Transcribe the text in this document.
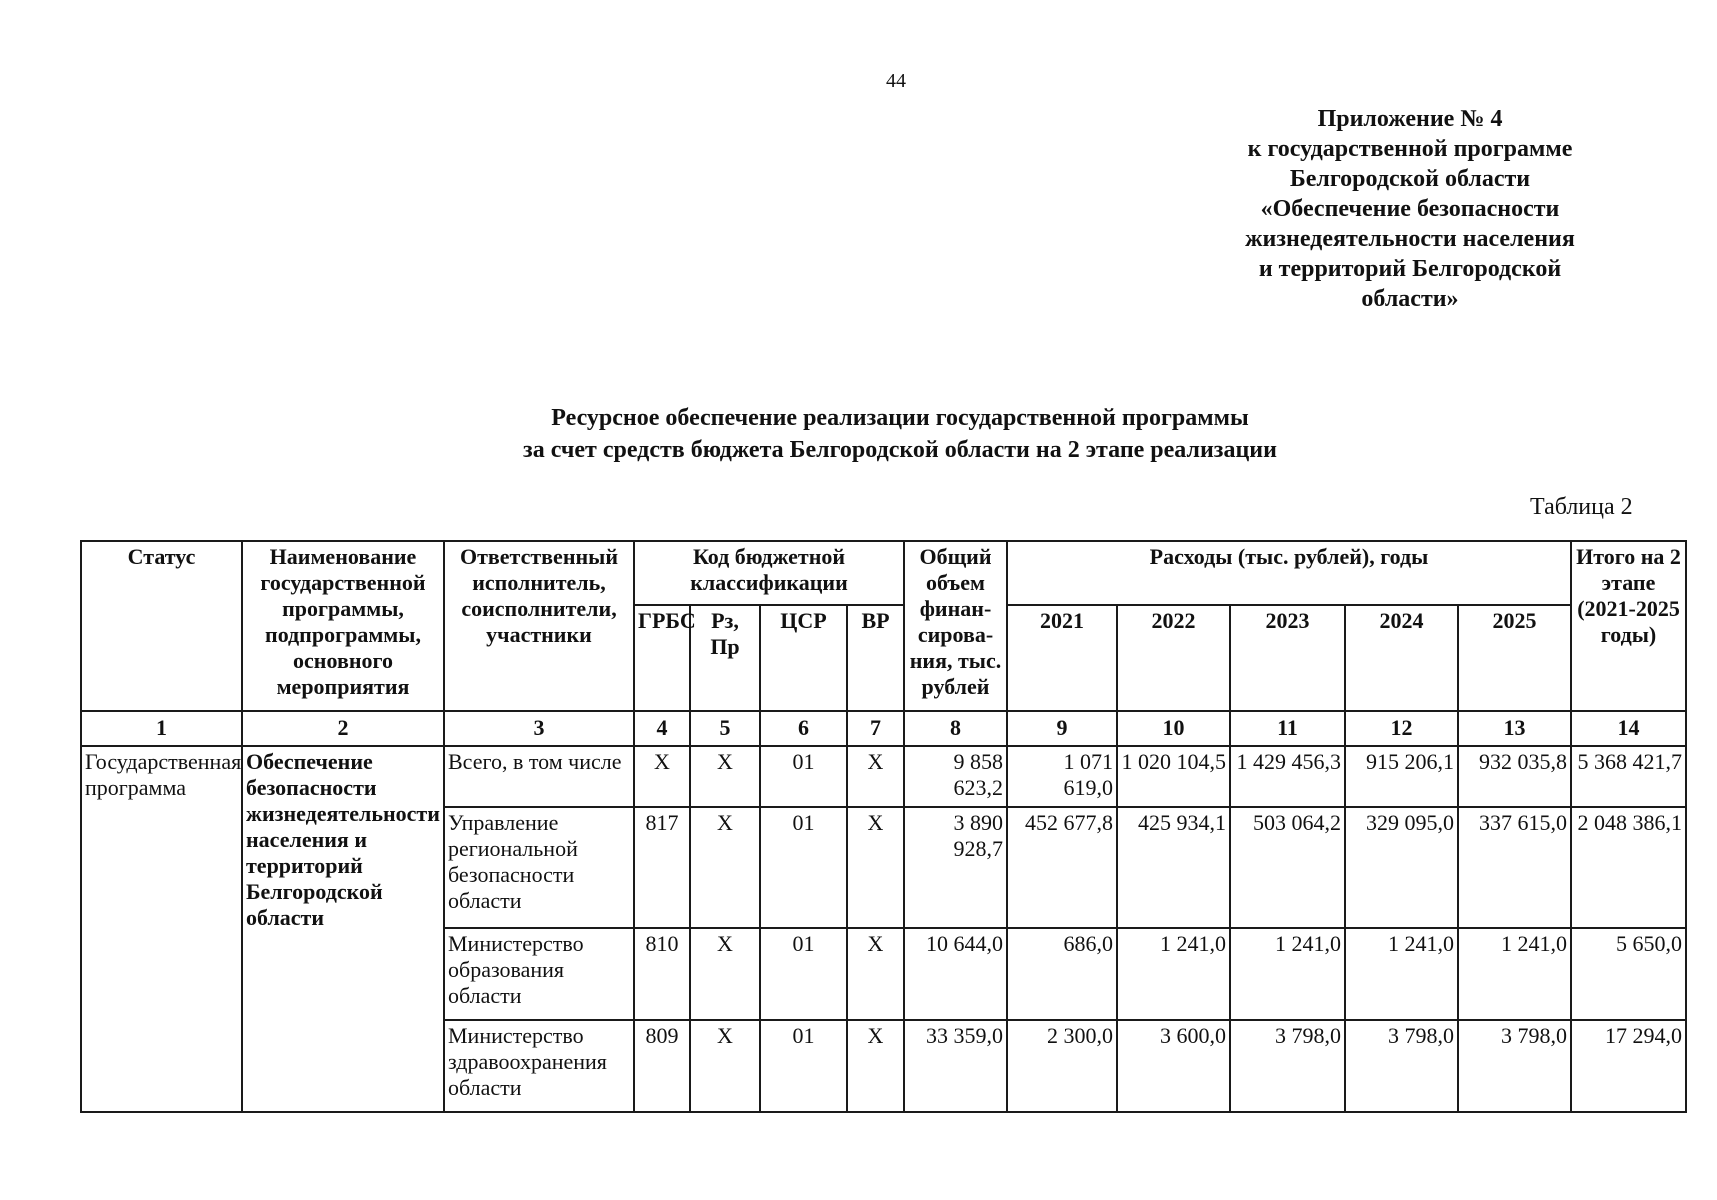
44
Приложение № 4
к государственной программе
Белгородской области
«Обеспечение безопасности
жизнедеятельности населения
и территорий Белгородской
области»
Ресурсное обеспечение реализации государственной программы
за счет средств бюджета Белгородской области на 2 этапе реализации
Таблица 2
Статус	Наименование государственной программы, подпрограммы, основного мероприятия	Ответственный исполнитель, соисполнители, участники	Код бюджетной классификации				Общий объем финан-сирова-ния, тыс. рублей	Расходы (тыс. рублей), годы					Итого на 2 этапе (2021-2025 годы)
			ГРБС	Рз, Пр	ЦСР	ВР		2021	2022	2023	2024	2025	
1	2	3	4	5	6	7	8	9	10	11	12	13	14
Государственная программа	Обеспечение безопасности жизнедеятельности населения и территорий Белгородской области	Всего, в том числе	Х	Х	01	Х	9 858 623,2	1 071 619,0	1 020 104,5	1 429 456,3	915 206,1	932 035,8	5 368 421,7
		Управление региональной безопасности области	817	Х	01	Х	3 890 928,7	452 677,8	425 934,1	503 064,2	329 095,0	337 615,0	2 048 386,1
		Министерство образования области	810	Х	01	Х	10 644,0	686,0	1 241,0	1 241,0	1 241,0	1 241,0	5 650,0
		Министерство здравоохранения области	809	Х	01	Х	33 359,0	2 300,0	3 600,0	3 798,0	3 798,0	3 798,0	17 294,0
